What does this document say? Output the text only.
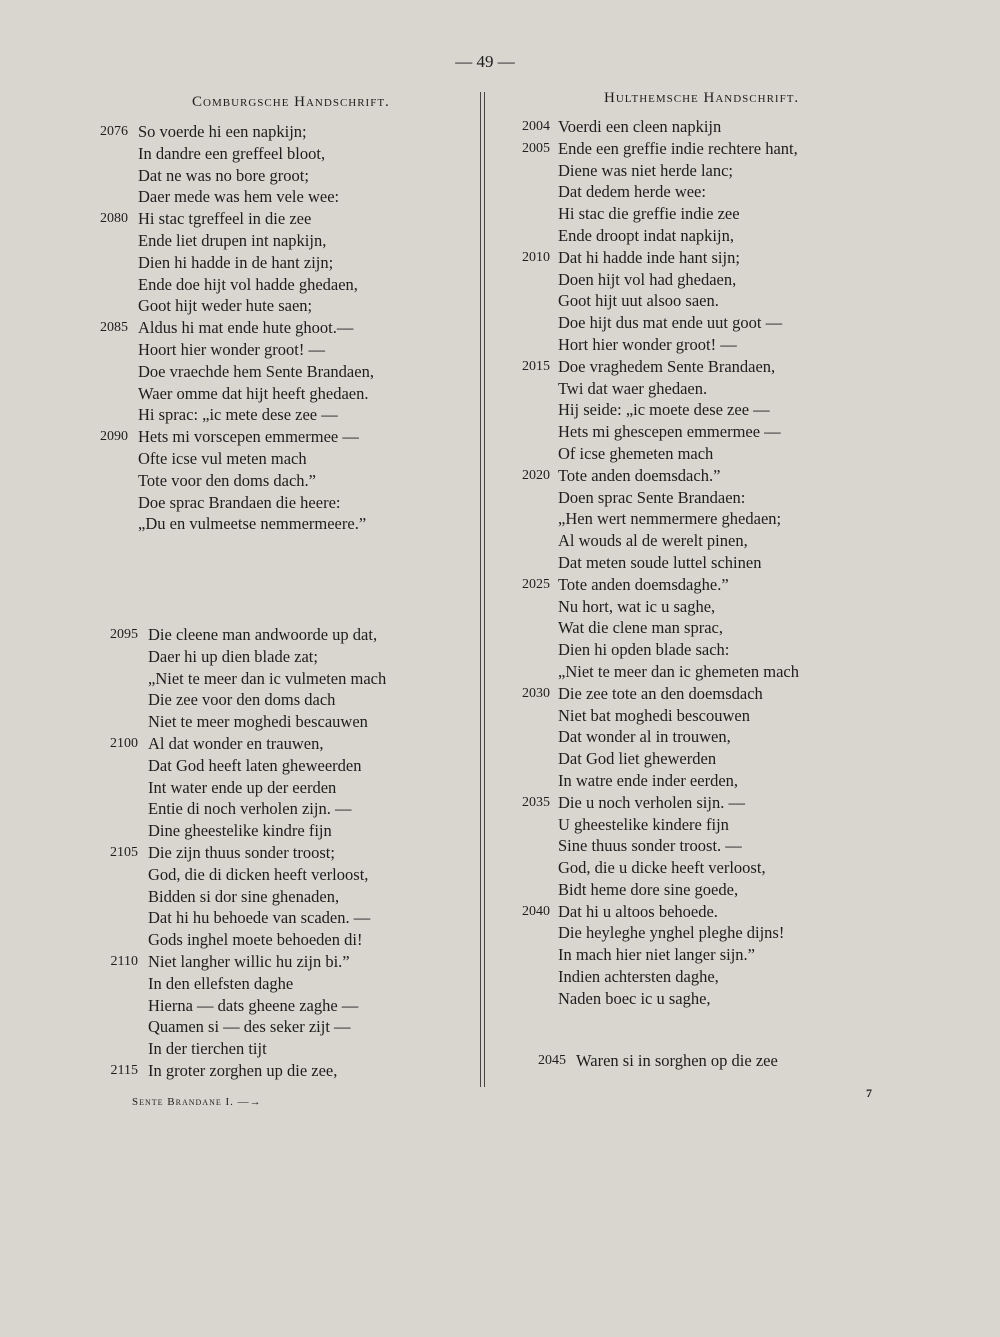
— 49 —
Comburgsche Handschrift.	Hulthemsche Handschrift.
2076 So voerde hi een napkijn;
In dandre een greffeel bloot,
Dat ne was no bore groot;
Daer mede was hem vele wee:
2080 Hi stac tgreffeel in die zee
Ende liet drupen int napkijn,
Dien hi hadde in de hant zijn;
Ende doe hijt vol hadde ghedaen,
Goot hijt weder hute saen;
2085 Aldus hi mat ende hute ghoot.—
Hoort hier wonder groot! —
Doe vraechde hem Sente Brandaen,
Waer omme dat hijt heeft ghedaen.
Hi sprac: „ic mete dese zee —
2090 Hets mi vorscepen emmermee —
Ofte icse vul meten mach
Tote voor den doms dach.”
Doe sprac Brandaen die heere:
„Du en vulmeetse nemmermeere.”
2095 Die cleene man andwoorde up dat,
Daer hi up dien blade zat;
„Niet te meer dan ic vulmeten mach
Die zee voor den doms dach
Niet te meer moghedi bescauwen
2100 Al dat wonder en trauwen,
Dat God heeft laten gheweerden
Int water ende up der eerden
Entie di noch verholen zijn. —
Dine gheestelike kindre fijn
2105 Die zijn thuus sonder troost;
God, die di dicken heeft verloost,
Bidden si dor sine ghenaden,
Dat hi hu behoede van scaden. —
Gods inghel moete behoeden di!
2110 Niet langher willic hu zijn bi.”
In den ellefsten daghe
Hierna — dats gheene zaghe —
Quamen si — des seker zijt —
In der tierchen tijt
2115 In groter zorghen up die zee,
2004 Voerdi een cleen napkijn
2005 Ende een greffie indie rechtere hant,
Diene was niet herde lanc;
Dat dedem herde wee:
Hi stac die greffie indie zee
Ende droopt indat napkijn,
2010 Dat hi hadde inde hant sijn;
Doen hijt vol had ghedaen,
Goot hijt uut alsoo saen.
Doe hijt dus mat ende uut goot —
Hort hier wonder groot! —
2015 Doe vraghedem Sente Brandaen,
Twi dat waer ghedaen.
Hij seide: „ic moete dese zee —
Hets mi ghescepen emmermee —
Of icse ghemeten mach
2020 Tote anden doemsdach.”
Doen sprac Sente Brandaen:
„Hen wert nemmermere ghedaen;
Al wouds al de werelt pinen,
Dat meten soude luttel schinen
2025 Tote anden doemsdaghe.”
Nu hort, wat ic u saghe,
Wat die clene man sprac,
Dien hi opden blade sach:
„Niet te meer dan ic ghemeten mach
2030 Die zee tote an den doemsdach
Niet bat moghedi bescouwen
Dat wonder al in trouwen,
Dat God liet ghewerden
In watre ende inder eerden,
2035 Die u noch verholen sijn. —
U gheestelike kindere fijn
Sine thuus sonder troost. —
God, die u dicke heeft verloost,
Bidt heme dore sine goede,
2040 Dat hi u altoos behoede.
Die heyleghe ynghel pleghe dijns!
In mach hier niet langer sijn.”
Indien achtersten daghe,
Naden boec ic u saghe,
2045 Waren si in sorghen op die zee
Sente Brandane I. —→
7
